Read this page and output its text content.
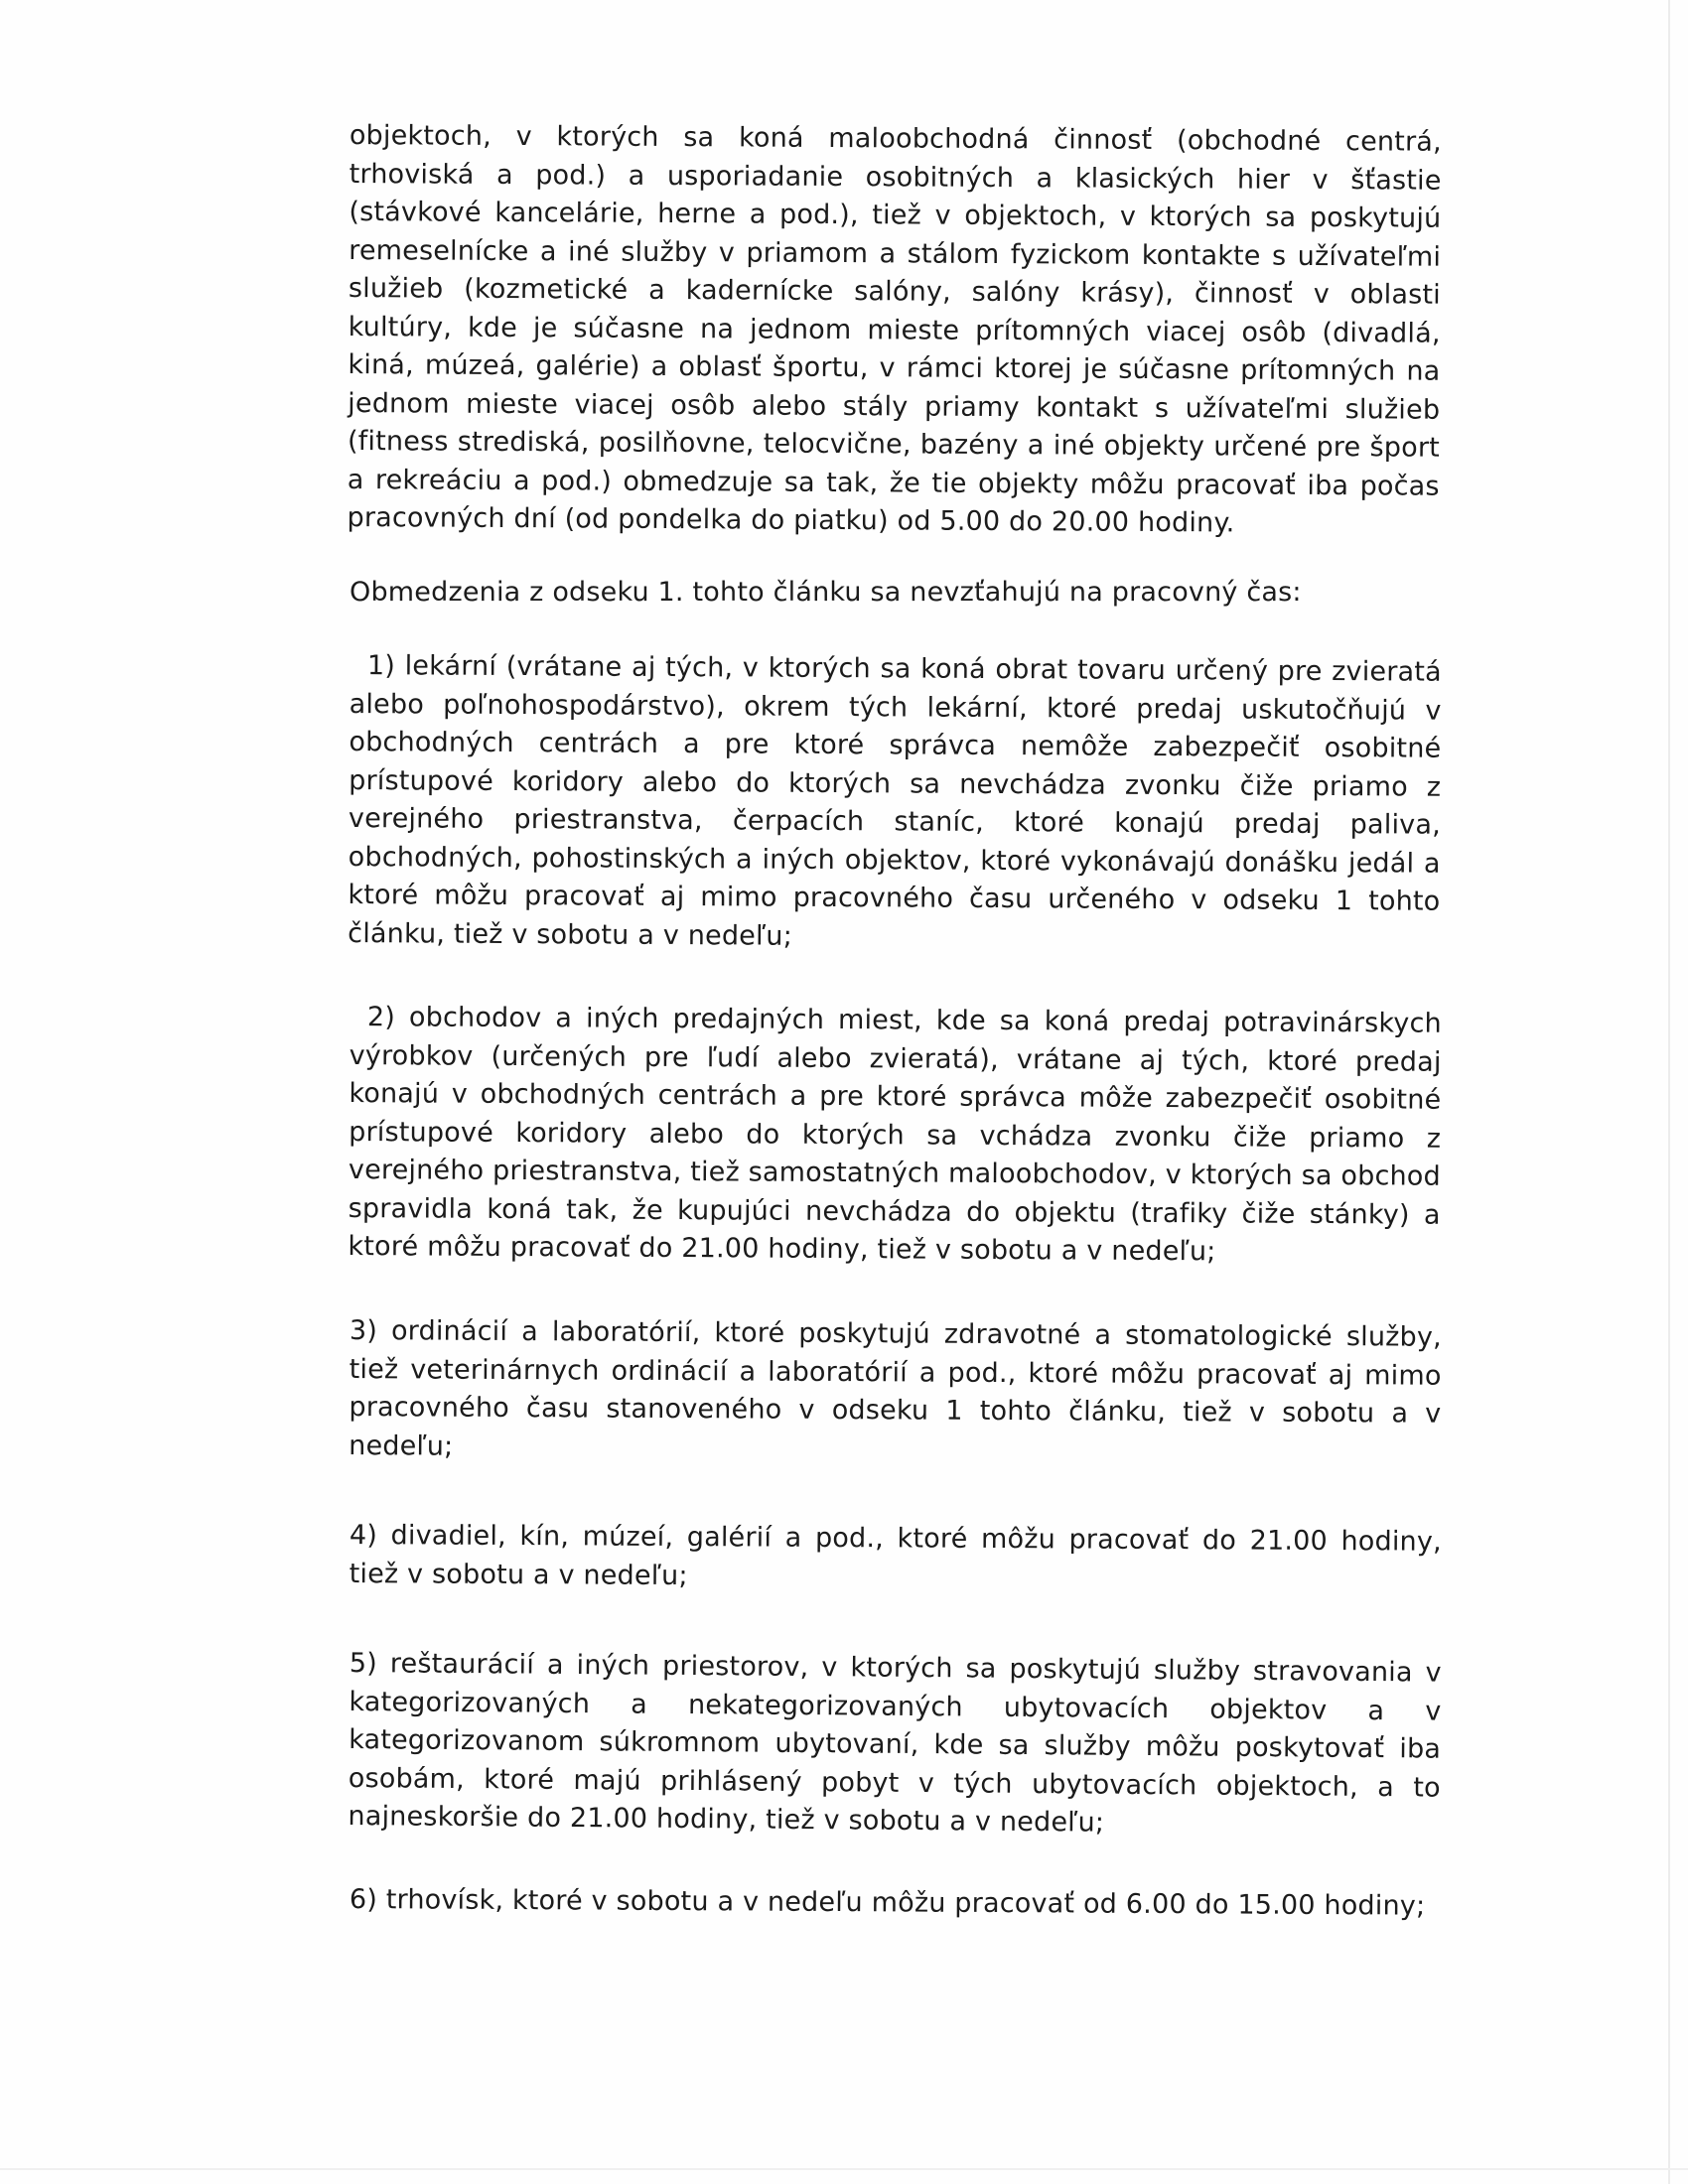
objektoch, v ktorých sa koná maloobchodná činnosť (obchodné centrá, trhoviská a pod.) a usporiadanie osobitných a klasických hier v šťastie (stávkové kancelárie, herne a pod.), tiež v objektoch, v ktorých sa poskytujú remeselnícke a iné služby v priamom a stálom fyzickom kontakte s užívateľmi služieb (kozmetické a kadernícke salóny, salóny krásy), činnosť v oblasti kultúry, kde je súčasne na jednom mieste prítomných viacej osôb (divadlá, kiná, múzeá, galérie) a oblasť športu, v rámci ktorej je súčasne prítomných na jednom mieste viacej osôb alebo stály priamy kontakt s užívateľmi služieb (fitness strediská, posilňovne, telocvične, bazény a iné objekty určené pre šport a rekreáciu a pod.) obmedzuje sa tak, že tie objekty môžu pracovať iba počas pracovných dní (od pondelka do piatku) od 5.00 do 20.00 hodiny.

Obmedzenia z odseku 1. tohto článku sa nevzťahujú na pracovný čas:

1) lekární (vrátane aj tých, v ktorých sa koná obrat tovaru určený pre zvieratá alebo poľnohospodárstvo), okrem tých lekární, ktoré predaj uskutočňujú v obchodných centrách a pre ktoré správca nemôže zabezpečiť osobitné prístupové koridory alebo do ktorých sa nevchádza zvonku čiže priamo z verejného priestranstva, čerpacích staníc, ktoré konajú predaj paliva, obchodných, pohostinských a iných objektov, ktoré vykonávajú donášku jedál a ktoré môžu pracovať aj mimo pracovného času určeného v odseku 1 tohto článku, tiež v sobotu a v nedeľu;

2) obchodov a iných predajných miest, kde sa koná predaj potravinárskych výrobkov (určených pre ľudí alebo zvieratá), vrátane aj tých, ktoré predaj konajú v obchodných centrách a pre ktoré správca môže zabezpečiť osobitné prístupové koridory alebo do ktorých sa vchádza zvonku čiže priamo z verejného priestranstva, tiež samostatných maloobchodov, v ktorých sa obchod spravidla koná tak, že kupujúci nevchádza do objektu (trafiky čiže stánky) a ktoré môžu pracovať do 21.00 hodiny, tiež v sobotu a v nedeľu;

3) ordinácií a laboratórií, ktoré poskytujú zdravotné a stomatologické služby, tiež veterinárnych ordinácií a laboratórií a pod., ktoré môžu pracovať aj mimo pracovného času stanoveného v odseku 1 tohto článku, tiež v sobotu a v nedeľu;

4) divadiel, kín, múzeí, galérií a pod., ktoré môžu pracovať do 21.00 hodiny, tiež v sobotu a v nedeľu;

5) reštaurácií a iných priestorov, v ktorých sa poskytujú služby stravovania v kategorizovaných a nekategorizovaných ubytovacích objektov a v kategorizovanom súkromnom ubytovaní, kde sa služby môžu poskytovať iba osobám, ktoré majú prihlásený pobyt v tých ubytovacích objektoch, a to najneskoršie do 21.00 hodiny, tiež v sobotu a v nedeľu;

6) trhovísk, ktoré v sobotu a v nedeľu môžu pracovať od 6.00 do 15.00 hodiny;
